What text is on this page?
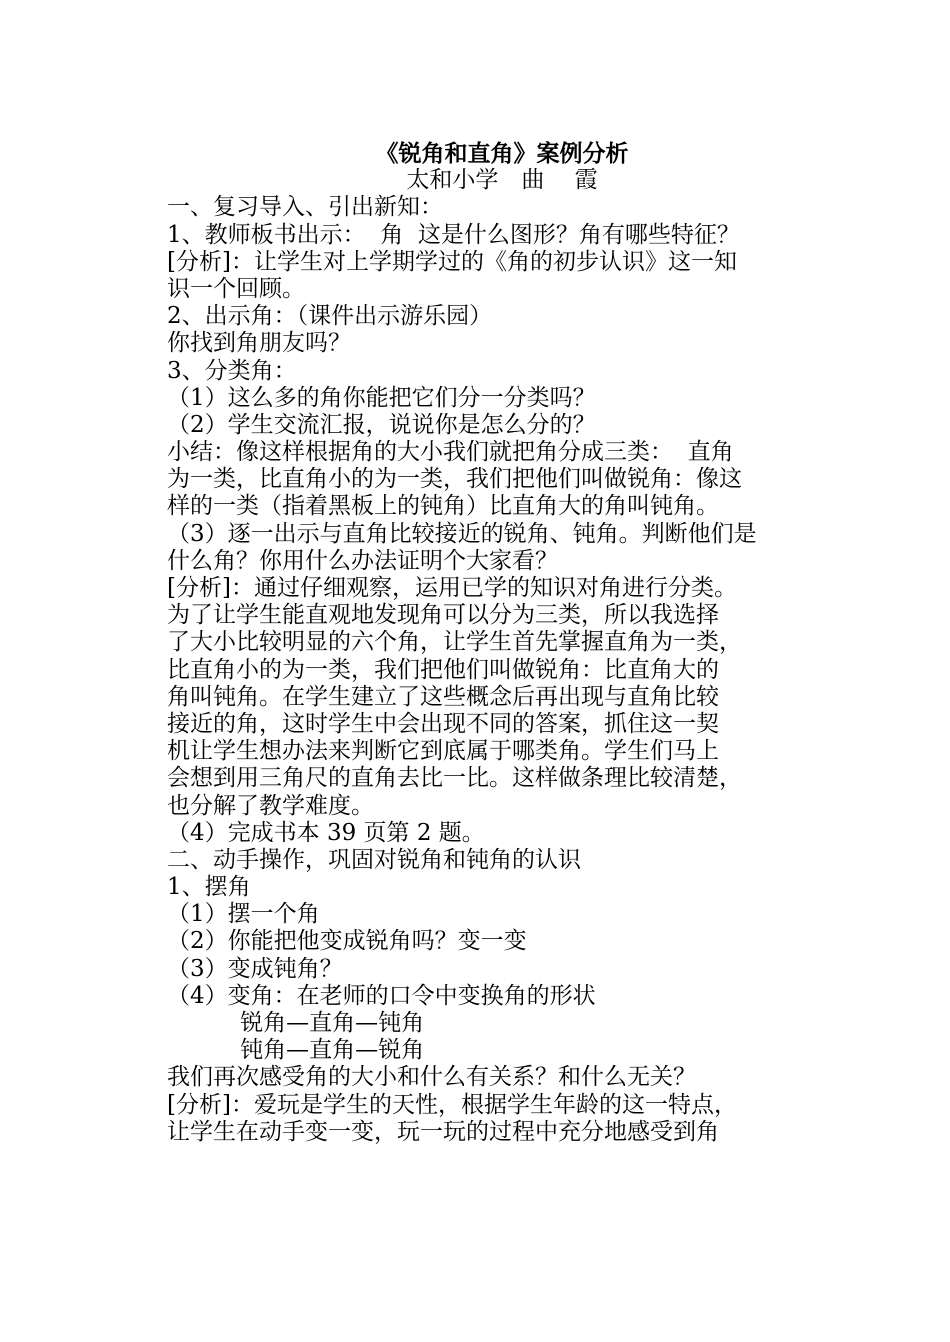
《锐角和直角》案例分析
太和小学　曲　 霞
一、复习导入、引出新知：
1、教师板书出示：  角  这是什么图形？角有哪些特征？
[分析]：让学生对上学期学过的《角的初步认识》这一知
识一个回顾。
2、出示角：（课件出示游乐园）
你找到角朋友吗？
3、分类角：
（1）这么多的角你能把它们分一分类吗？
（2）学生交流汇报，说说你是怎么分的？
小结：像这样根据角的大小我们就把角分成三类：  直角
为一类，比直角小的为一类，我们把他们叫做锐角：像这
样的一类（指着黑板上的钝角）比直角大的角叫钝角。
（3）逐一出示与直角比较接近的锐角、钝角。判断他们是
什么角？你用什么办法证明个大家看？
[分析]：通过仔细观察，运用已学的知识对角进行分类。
为了让学生能直观地发现角可以分为三类，所以我选择
了大小比较明显的六个角，让学生首先掌握直角为一类，
比直角小的为一类，我们把他们叫做锐角：比直角大的
角叫钝角。在学生建立了这些概念后再出现与直角比较
接近的角，这时学生中会出现不同的答案，抓住这一契
机让学生想办法来判断它到底属于哪类角。学生们马上
会想到用三角尺的直角去比一比。这样做条理比较清楚，
也分解了教学难度。
（4）完成书本 39 页第 2 题。
二、动手操作，巩固对锐角和钝角的认识
1、摆角
（1）摆一个角
（2）你能把他变成锐角吗？变一变
（3）变成钝角？
（4）变角：在老师的口令中变换角的形状
锐角—直角—钝角
钝角—直角—锐角
我们再次感受角的大小和什么有关系？和什么无关？
[分析]：爱玩是学生的天性，根据学生年龄的这一特点，
让学生在动手变一变，玩一玩的过程中充分地感受到角
